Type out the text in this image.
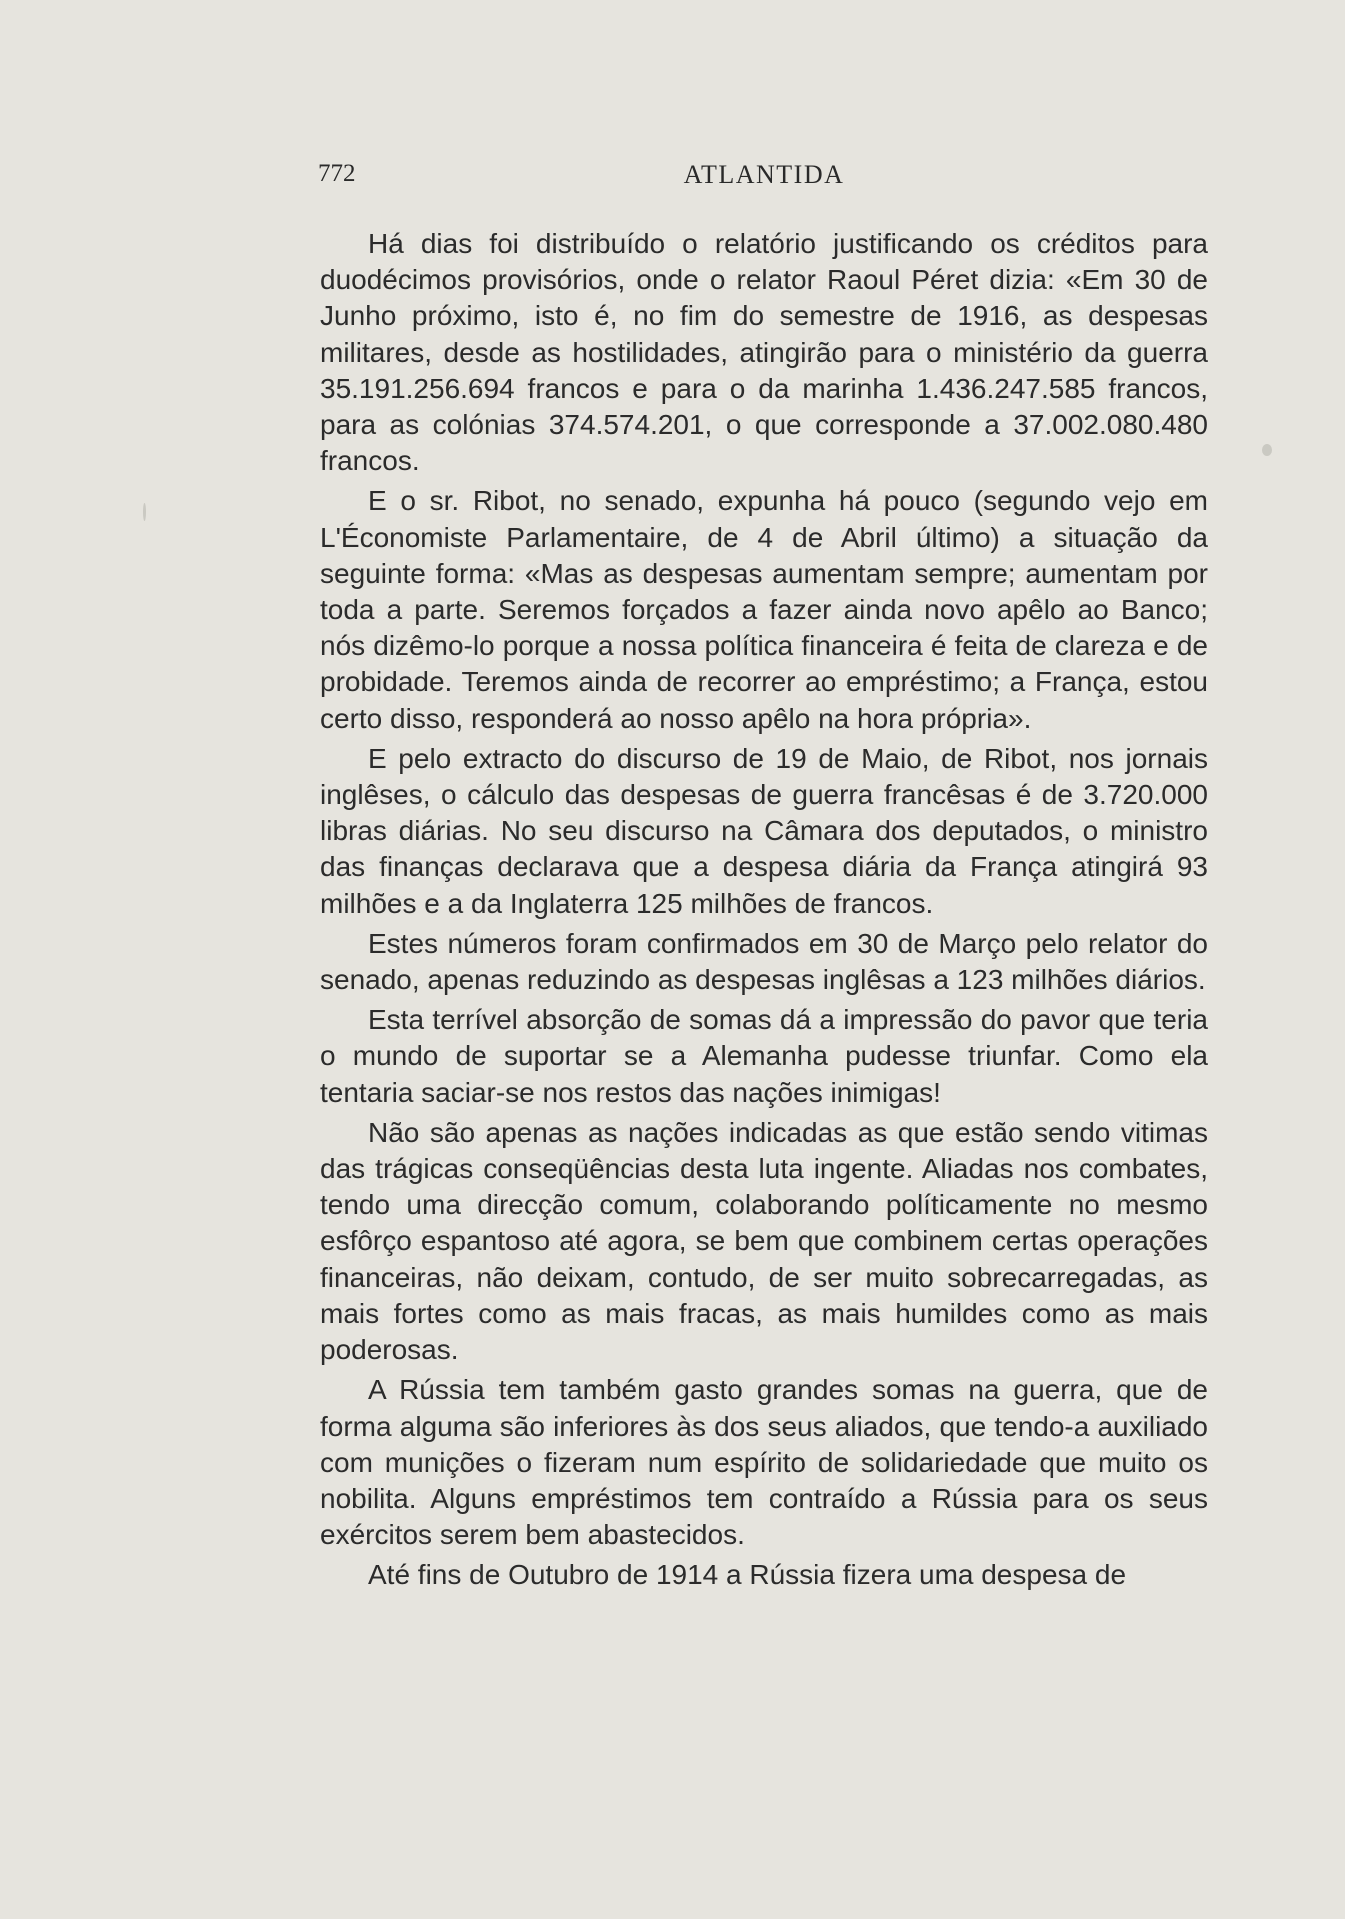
772	ATLANTIDA

Há dias foi distribuído o relatório justificando os créditos para duodécimos provisórios, onde o relator Raoul Péret dizia: «Em 30 de Junho próximo, isto é, no fim do semestre de 1916, as despesas militares, desde as hostilidades, atingirão para o ministério da guerra 35.191.256.694 francos e para o da marinha 1.436.247.585 francos, para as colónias 374.574.201, o que corresponde a 37.002.080.480 francos.

E o sr. Ribot, no senado, expunha há pouco (segundo vejo em L'Économiste Parlamentaire, de 4 de Abril último) a situação da seguinte forma: «Mas as despesas aumentam sempre; aumentam por toda a parte. Seremos forçados a fazer ainda novo apêlo ao Banco; nós dizêmo-lo porque a nossa política financeira é feita de clareza e de probidade. Teremos ainda de recorrer ao empréstimo; a França, estou certo disso, responderá ao nosso apêlo na hora própria».

E pelo extracto do discurso de 19 de Maio, de Ribot, nos jornais inglêses, o cálculo das despesas de guerra francêsas é de 3.720.000 libras diárias. No seu discurso na Câmara dos deputados, o ministro das finanças declarava que a despesa diária da França atingirá 93 milhões e a da Inglaterra 125 milhões de francos.

Estes números foram confirmados em 30 de Março pelo relator do senado, apenas reduzindo as despesas inglêsas a 123 milhões diários.

Esta terrível absorção de somas dá a impressão do pavor que teria o mundo de suportar se a Alemanha pudesse triunfar. Como ela tentaria saciar-se nos restos das nações inimigas!

Não são apenas as nações indicadas as que estão sendo vitimas das trágicas conseqüências desta luta ingente. Aliadas nos combates, tendo uma direcção comum, colaborando políticamente no mesmo esfôrço espantoso até agora, se bem que combinem certas operações financeiras, não deixam, contudo, de ser muito sobrecarregadas, as mais fortes como as mais fracas, as mais humildes como as mais poderosas.

A Rússia tem também gasto grandes somas na guerra, que de forma alguma são inferiores às dos seus aliados, que tendo-a auxiliado com munições o fizeram num espírito de solidariedade que muito os nobilita. Alguns empréstimos tem contraído a Rússia para os seus exércitos serem bem abastecidos.

Até fins de Outubro de 1914 a Rússia fizera uma despesa de
